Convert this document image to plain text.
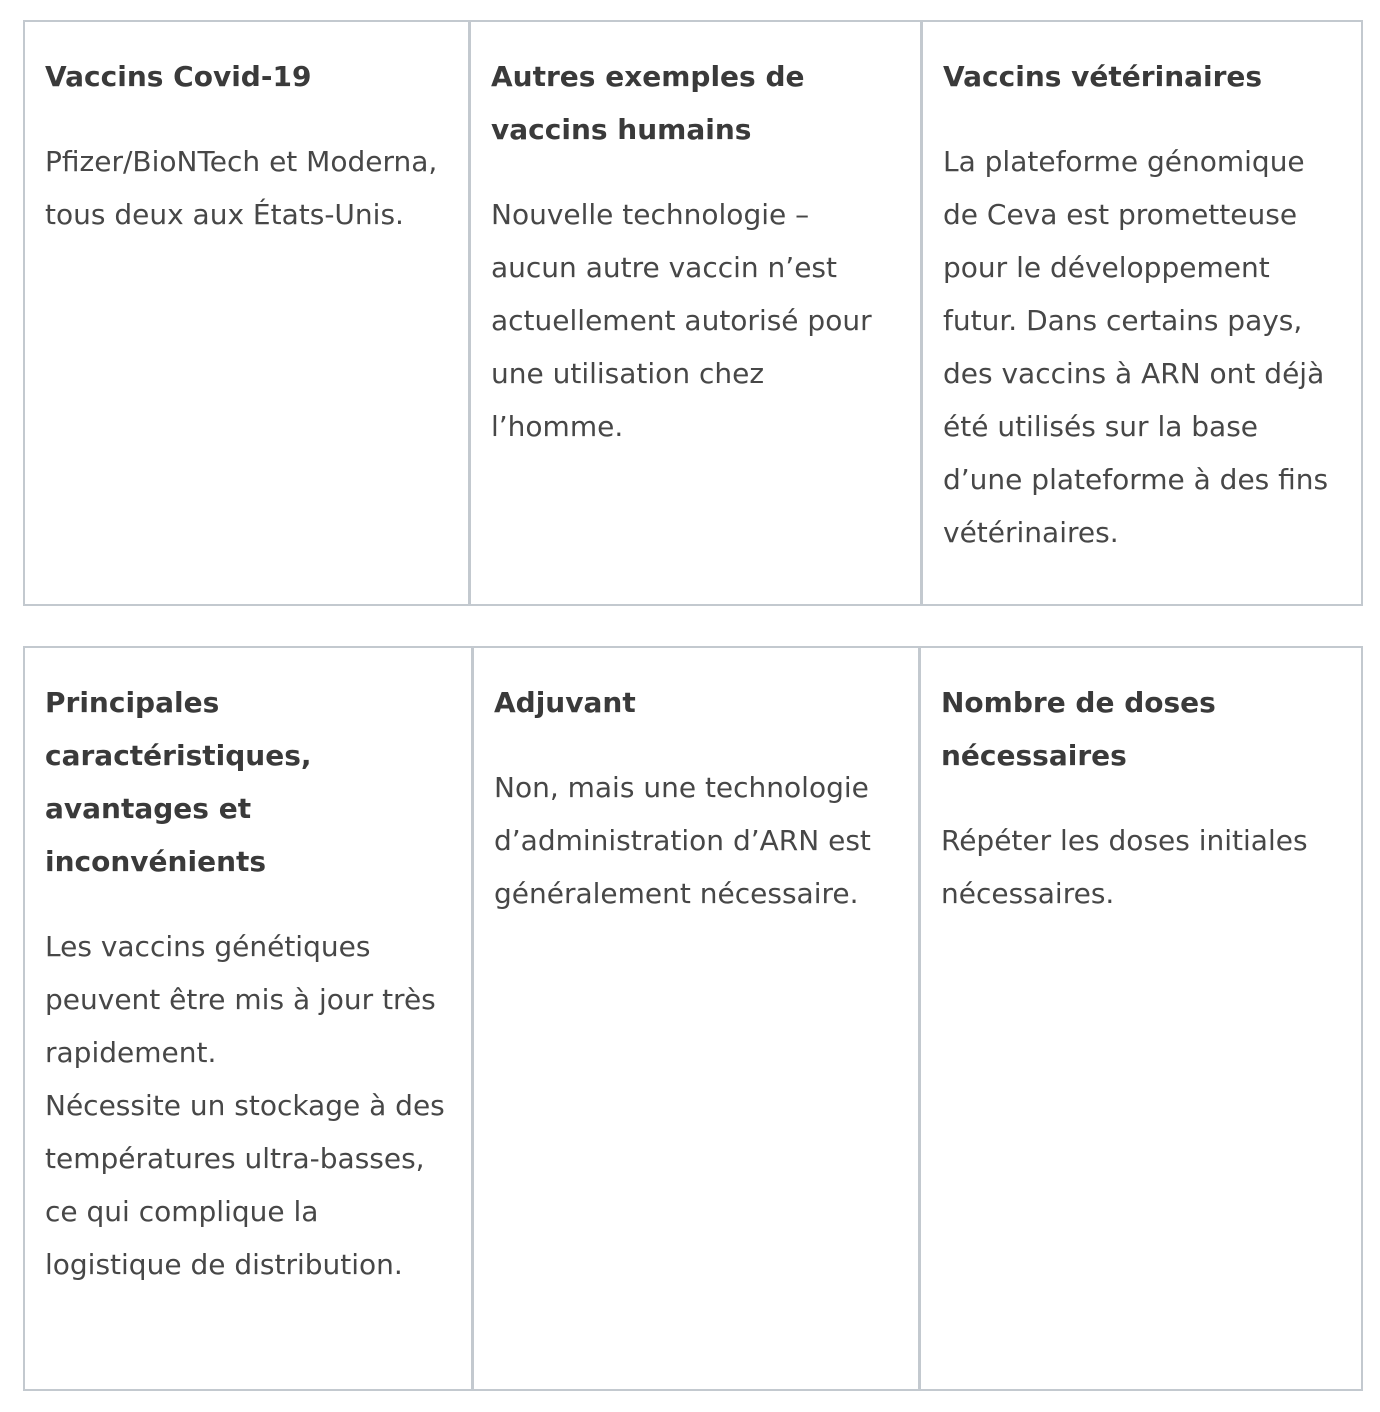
Vaccins Covid-19

Pfizer/BioNTech et Moderna, tous deux aux États-Unis.

Autres exemples de vaccins humains

Nouvelle technologie – aucun autre vaccin n’est actuellement autorisé pour une utilisation chez l’homme.

Vaccins vétérinaires

La plateforme génomique de Ceva est prometteuse pour le développement futur. Dans certains pays, des vaccins à ARN ont déjà été utilisés sur la base d’une plateforme à des fins vétérinaires.

Principales caractéristiques, avantages et inconvénients

Les vaccins génétiques peuvent être mis à jour très rapidement.

Nécessite un stockage à des températures ultra-basses, ce qui complique la logistique de distribution.

Adjuvant

Non, mais une technologie d’administration d’ARN est généralement nécessaire.

Nombre de doses nécessaires

Répéter les doses initiales nécessaires.
